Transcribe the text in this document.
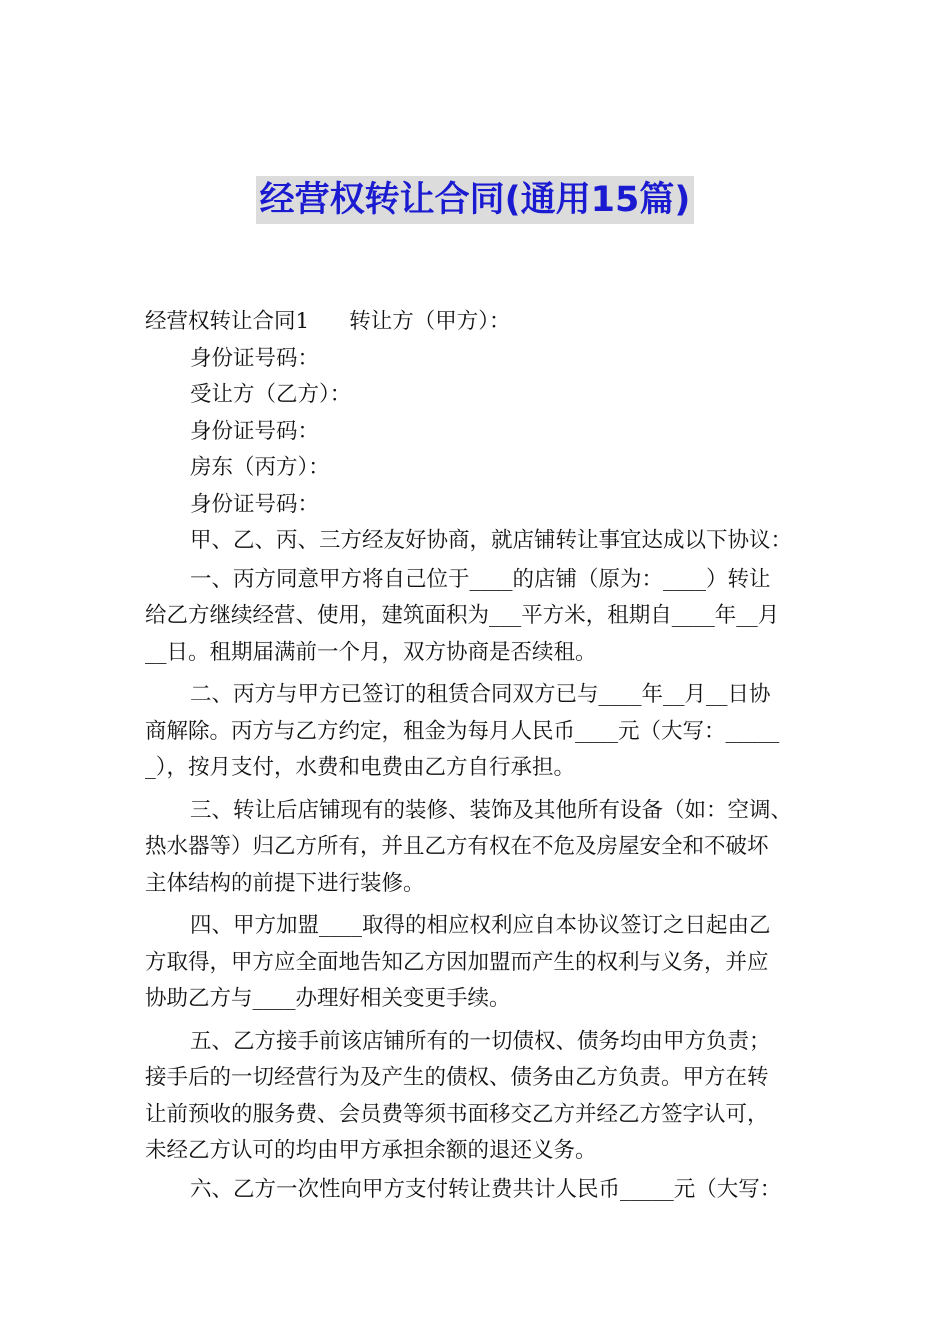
经营权转让合同(通用15篇)
经营权转让合同1 转让方（甲方）：
身份证号码：
受让方（乙方）：
身份证号码：
房东（丙方）：
身份证号码：
甲、乙、丙、三方经友好协商，就店铺转让事宜达成以下协议：
一、丙方同意甲方将自己位于____的店铺（原为：____）转让
给乙方继续经营、使用，建筑面积为___平方米，租期自____年__月
__日。租期届满前一个月，双方协商是否续租。
二、丙方与甲方已签订的租赁合同双方已与____年__月__日协
商解除。丙方与乙方约定，租金为每月人民币____元（大写：_____
_），按月支付，水费和电费由乙方自行承担。
三、转让后店铺现有的装修、装饰及其他所有设备（如：空调、
热水器等）归乙方所有，并且乙方有权在不危及房屋安全和不破坏
主体结构的前提下进行装修。
四、甲方加盟____取得的相应权利应自本协议签订之日起由乙
方取得，甲方应全面地告知乙方因加盟而产生的权利与义务，并应
协助乙方与____办理好相关变更手续。
五、乙方接手前该店铺所有的一切债权、债务均由甲方负责；
接手后的一切经营行为及产生的债权、债务由乙方负责。甲方在转
让前预收的服务费、会员费等须书面移交乙方并经乙方签字认可，
未经乙方认可的均由甲方承担余额的退还义务。
六、乙方一次性向甲方支付转让费共计人民币_____元（大写：
